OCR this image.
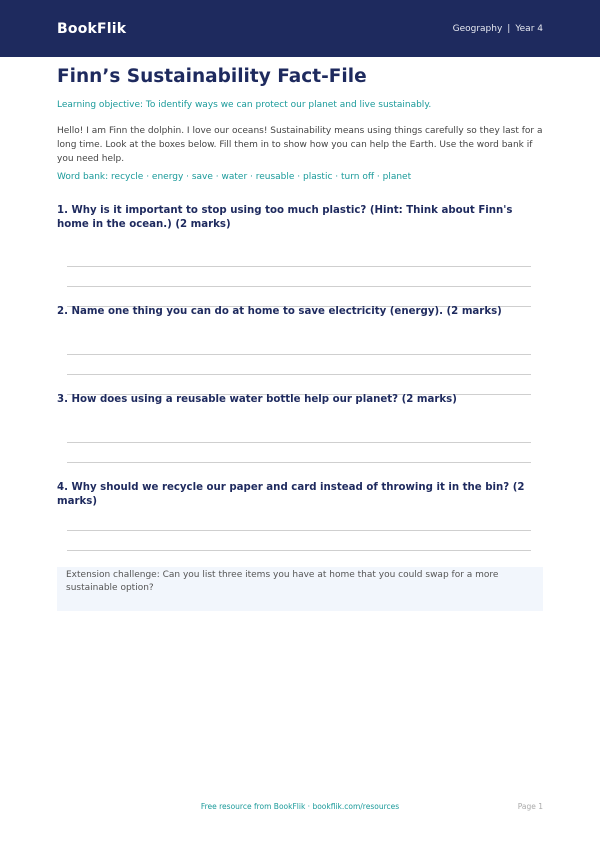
BookFlik	Geography | Year 4
Finn’s Sustainability Fact-File
Learning objective: To identify ways we can protect our planet and live sustainably.
Hello! I am Finn the dolphin. I love our oceans! Sustainability means using things carefully so they last for a long time. Look at the boxes below. Fill them in to show how you can help the Earth. Use the word bank if you need help.
Word bank: recycle · energy · save · water · reusable · plastic · turn off · planet
1. Why is it important to stop using too much plastic? (Hint: Think about Finn's home in the ocean.) (2 marks)
2. Name one thing you can do at home to save electricity (energy). (2 marks)
3. How does using a reusable water bottle help our planet? (2 marks)
4. Why should we recycle our paper and card instead of throwing it in the bin? (2 marks)
Extension challenge: Can you list three items you have at home that you could swap for a more sustainable option?
Free resource from BookFlik · bookflik.com/resources	Page 1
